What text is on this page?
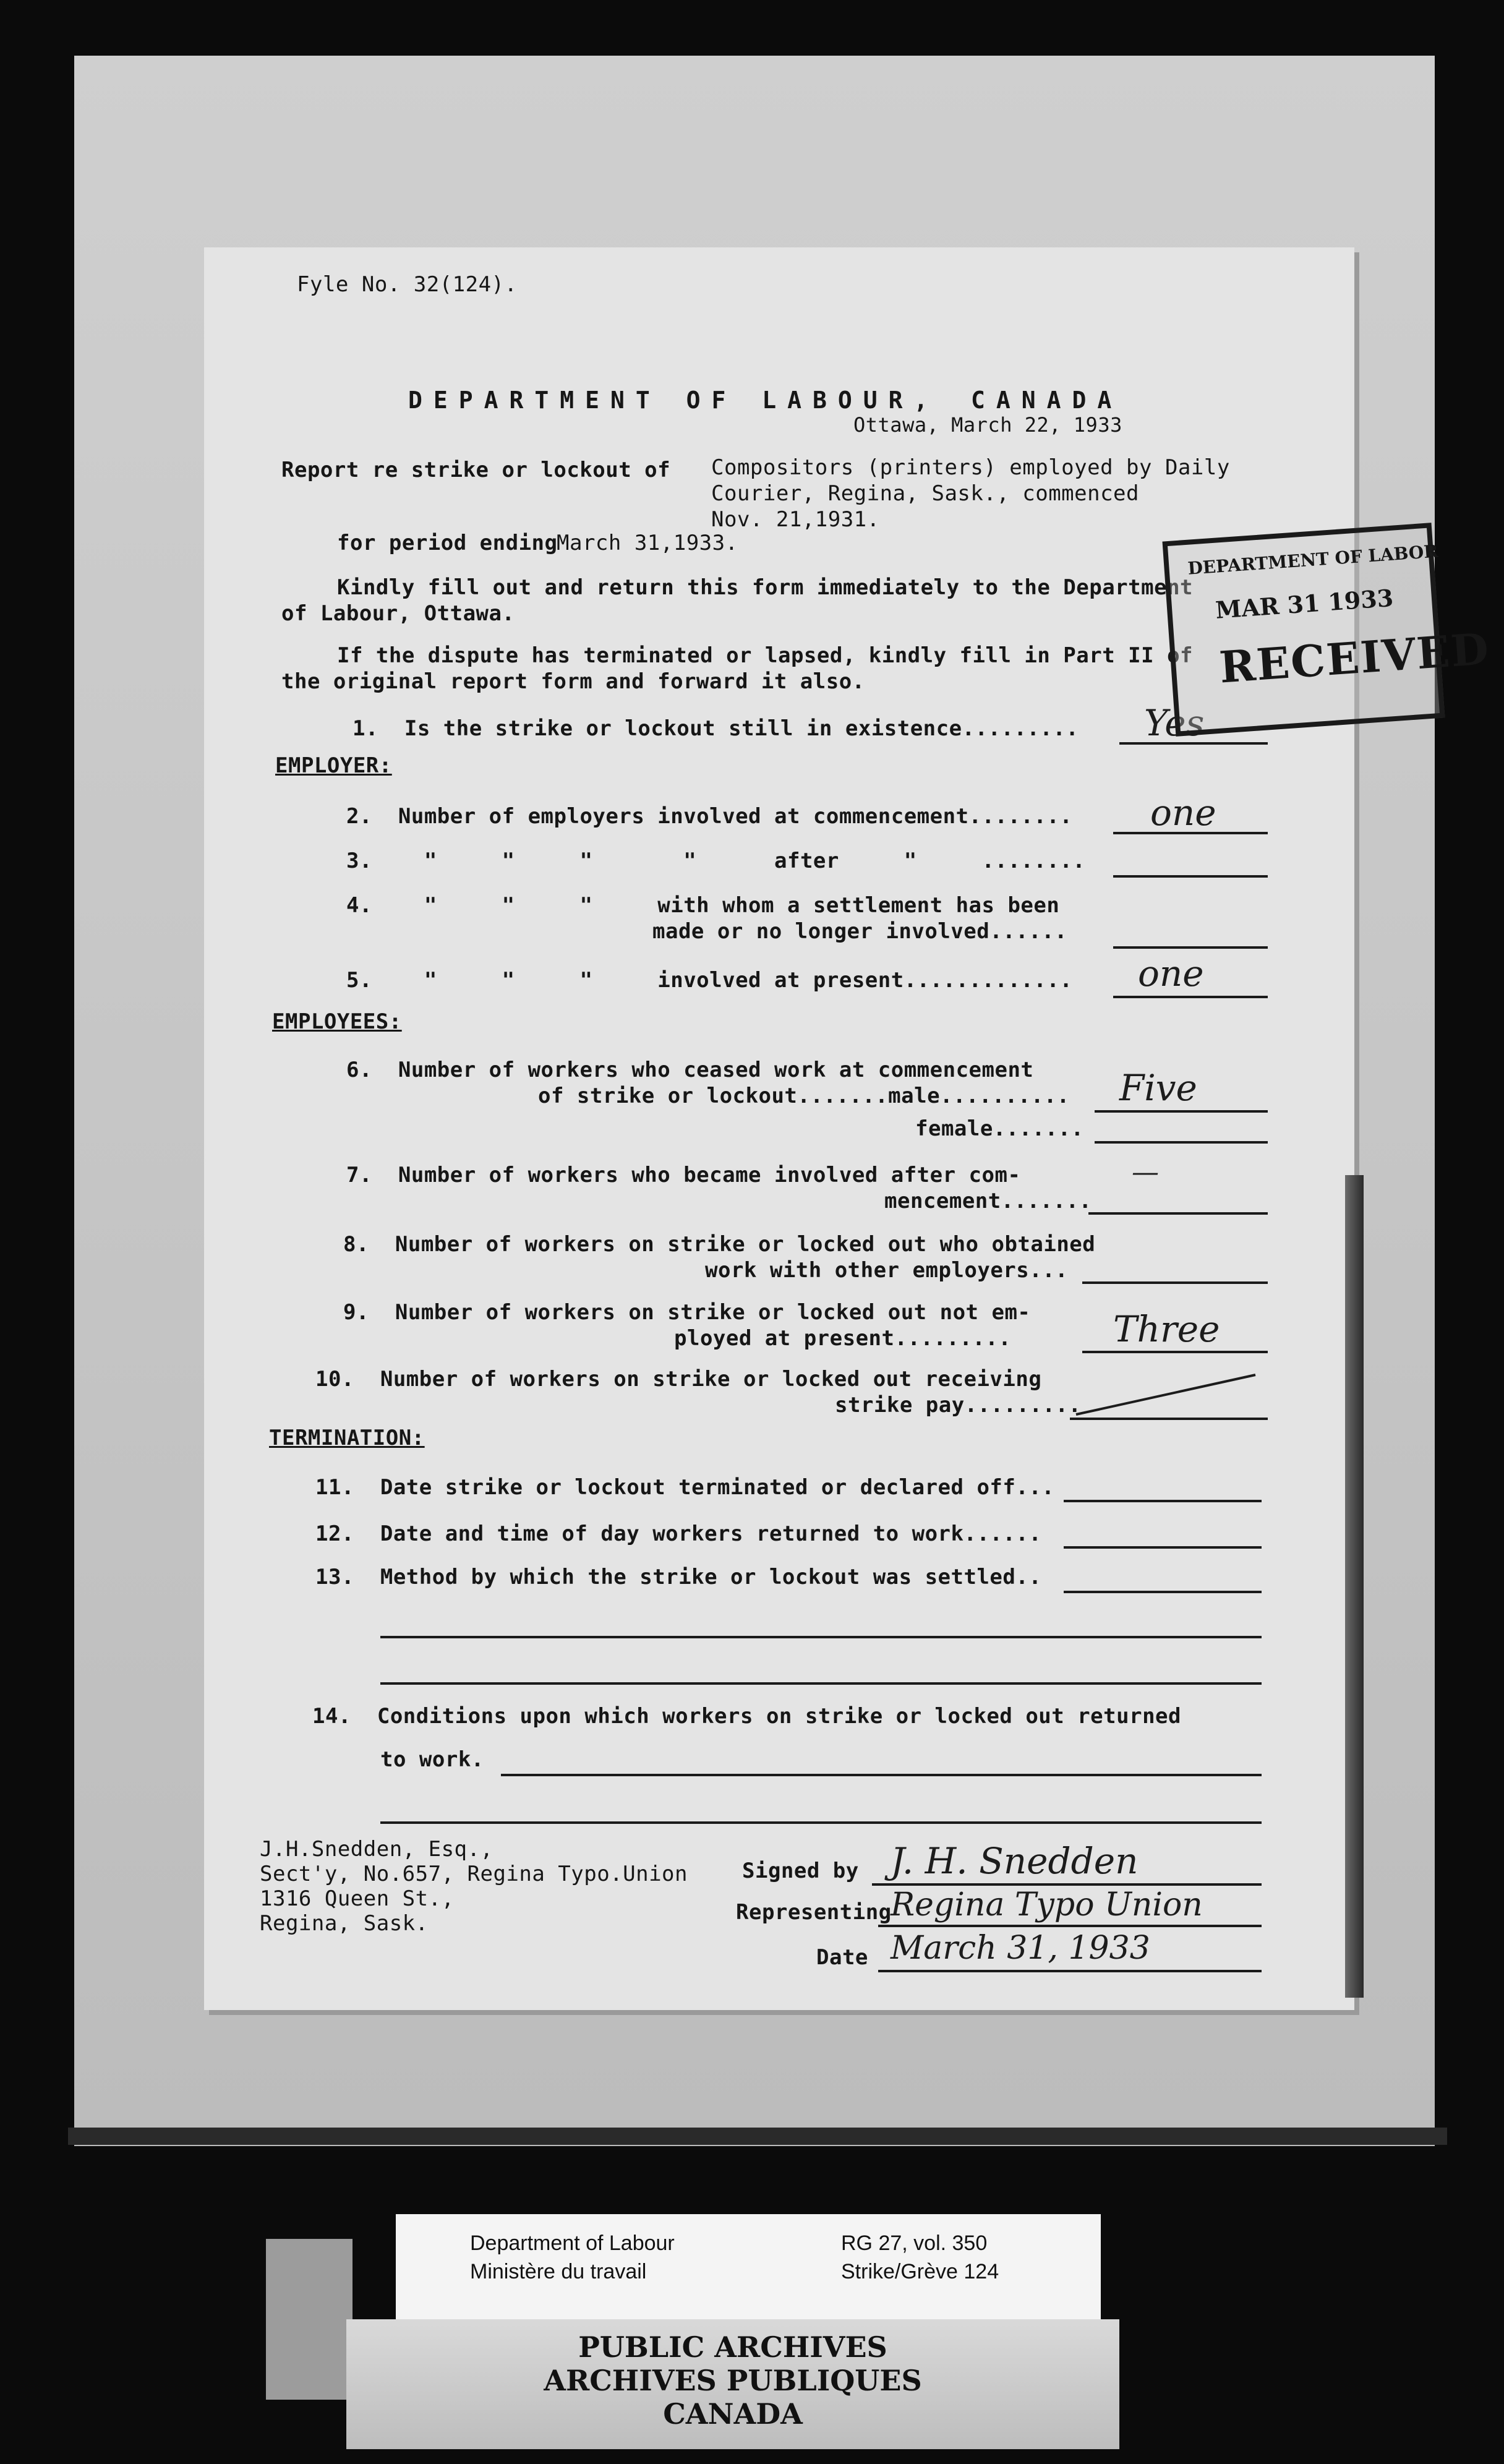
Fyle No. 32(124).
DEPARTMENT OF LABOUR, CANADA
Ottawa, March 22, 1933
Report re strike or lockout of Compositors (printers) employed by Daily
Courier, Regina, Sask., commenced
Nov. 21,1931.
for period ending
March 31,1933.
Kindly fill out and return this form immediately to the Department
of Labour, Ottawa.
If the dispute has terminated or lapsed, kindly fill in Part II of
the original report form and forward it also.
1.  Is the strike or lockout still in existence......... Yes
EMPLOYER:
2.  Number of employers involved at commencement........ one
3.    "     "     "       "      after     "     ........
4.    "     "     "     with whom a settlement has been
made or no longer involved......
5.    "     "     "     involved at present............. one
EMPLOYEES:
6.  Number of workers who ceased work at commencement
of strike or lockout.......male.......... Five
female.......
7.  Number of workers who became involved after com-
mencement.......
—
8.  Number of workers on strike or locked out who obtained
work with other employers...
9.  Number of workers on strike or locked out not em-
ployed at present.........	Three
10.  Number of workers on strike or locked out receiving
strike pay.........
TERMINATION:
11.  Date strike or lockout terminated or declared off...
12.  Date and time of day workers returned to work......
13.  Method by which the strike or lockout was settled..
14.  Conditions upon which workers on strike or locked out returned
to work.
J.H.Snedden, Esq.,
Sect'y, No.657, Regina Typo.Union
1316 Queen St.,
Regina, Sask.
Signed by J. H. Snedden
Representing
Regina Typo Union
Date March 31, 1933
DEPARTMENT OF LABOR
MAR 31 1933
RECEIVED
Department of Labour
Ministère du travail
RG 27, vol. 350
Strike/Grève 124
PUBLIC ARCHIVES
ARCHIVES PUBLIQUES
CANADA
